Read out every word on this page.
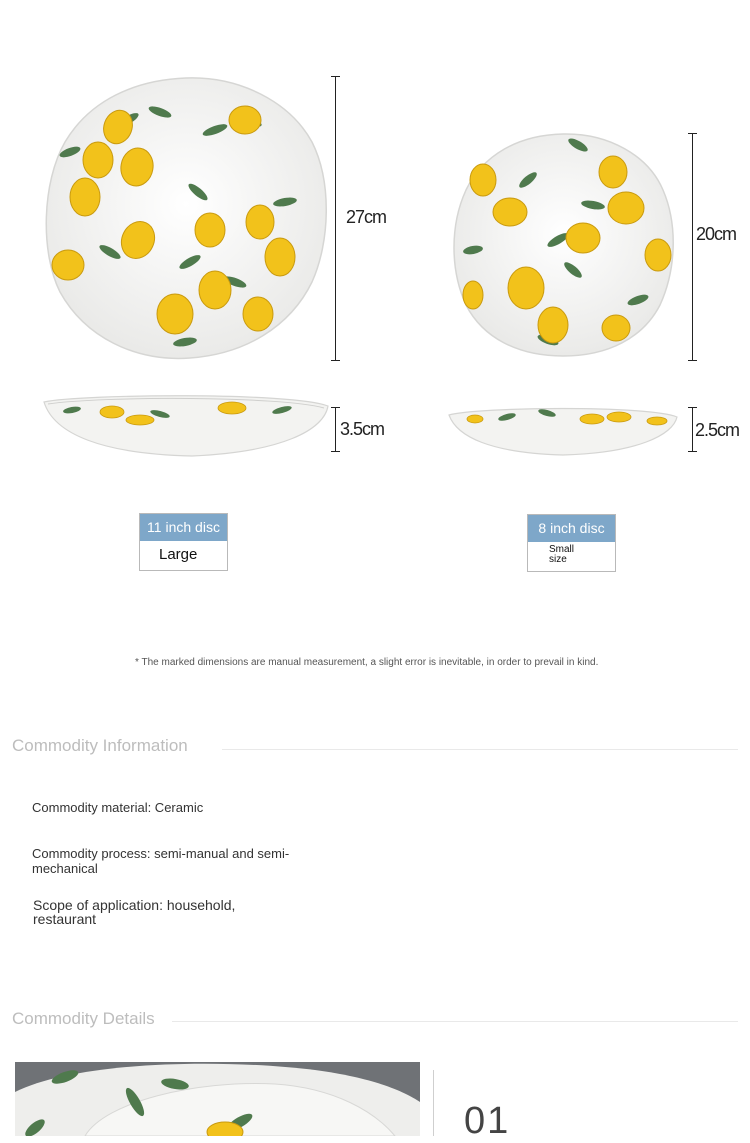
27cm
3.5cm
20cm
2.5cm
11 inch disc
Large
8 inch disc
Small size
* The marked dimensions are manual measurement, a slight error is inevitable, in order to prevail in kind.
Commodity Information
Commodity material: Ceramic
Commodity process: semi-manual and semi-mechanical
Scope of application: household, restaurant
Commodity Details
01
